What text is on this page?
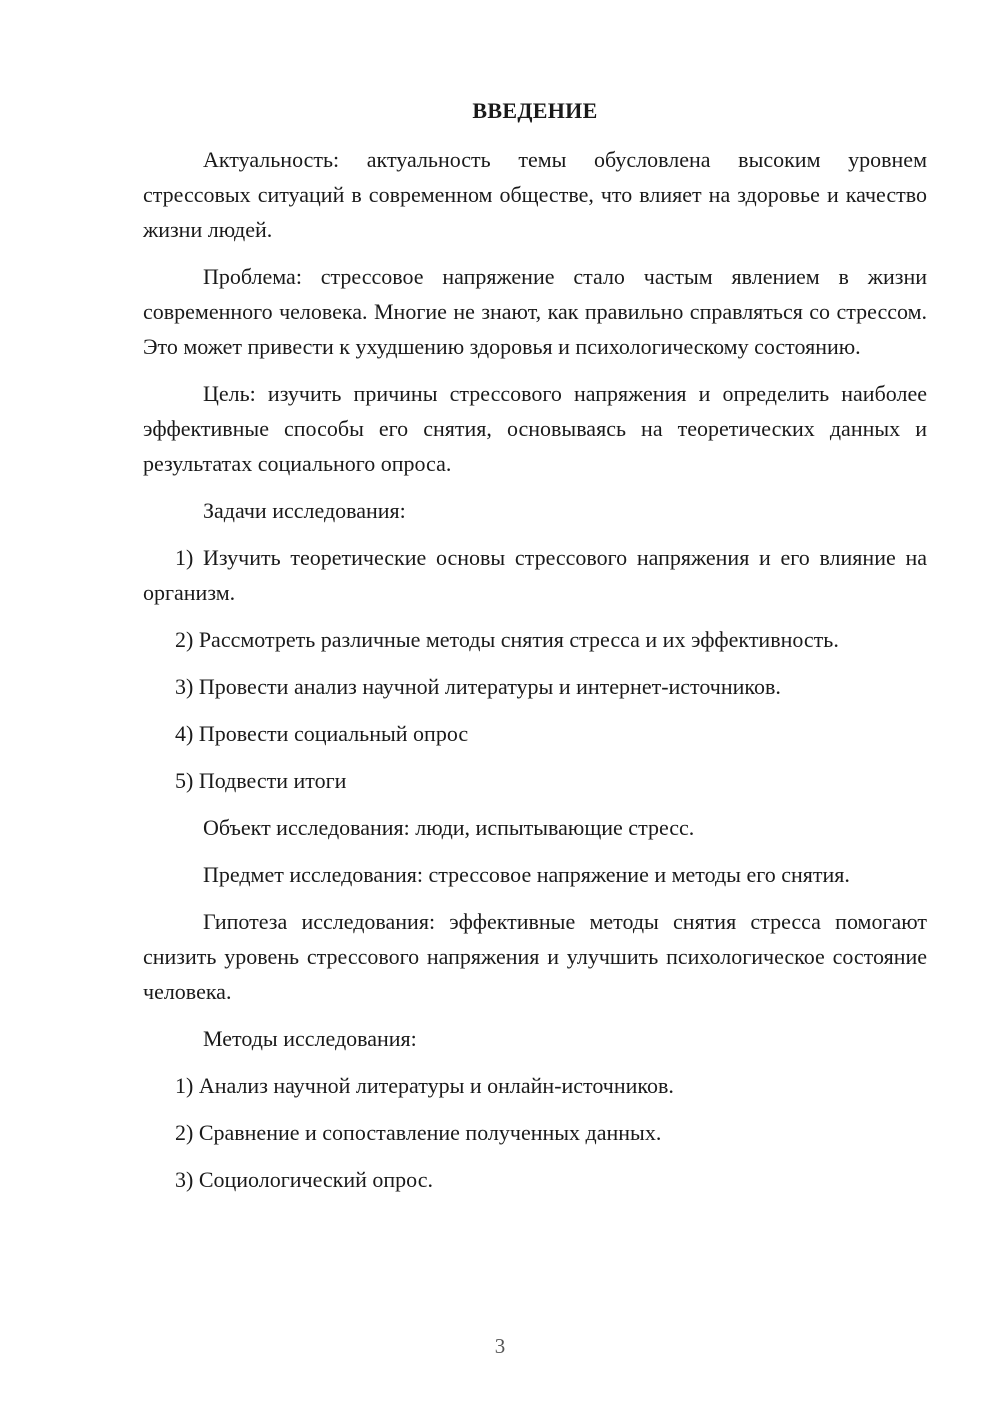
ВВЕДЕНИЕ

Актуальность: актуальность темы обусловлена высоким уровнем стрессовых ситуаций в современном обществе, что влияет на здоровье и качество жизни людей.

Проблема: стрессовое напряжение стало частым явлением в жизни современного человека. Многие не знают, как правильно справляться со стрессом. Это может привести к ухудшению здоровья и психологическому состоянию.

Цель: изучить причины стрессового напряжения и определить наиболее эффективные способы его снятия, основываясь на теоретических данных и результатах социального опроса.

Задачи исследования:

1) Изучить теоретические основы стрессового напряжения и его влияние на организм.

2) Рассмотреть различные методы снятия стресса и их эффективность.

3) Провести анализ научной литературы и интернет-источников.

4) Провести социальный опрос

5) Подвести итоги

Объект исследования: люди, испытывающие стресс.

Предмет исследования: стрессовое напряжение и методы его снятия.

Гипотеза исследования: эффективные методы снятия стресса помогают снизить уровень стрессового напряжения и улучшить психологическое состояние человека.

Методы исследования:

1) Анализ научной литературы и онлайн-источников.

2) Сравнение и сопоставление полученных данных.

3) Социологический опрос.

3
